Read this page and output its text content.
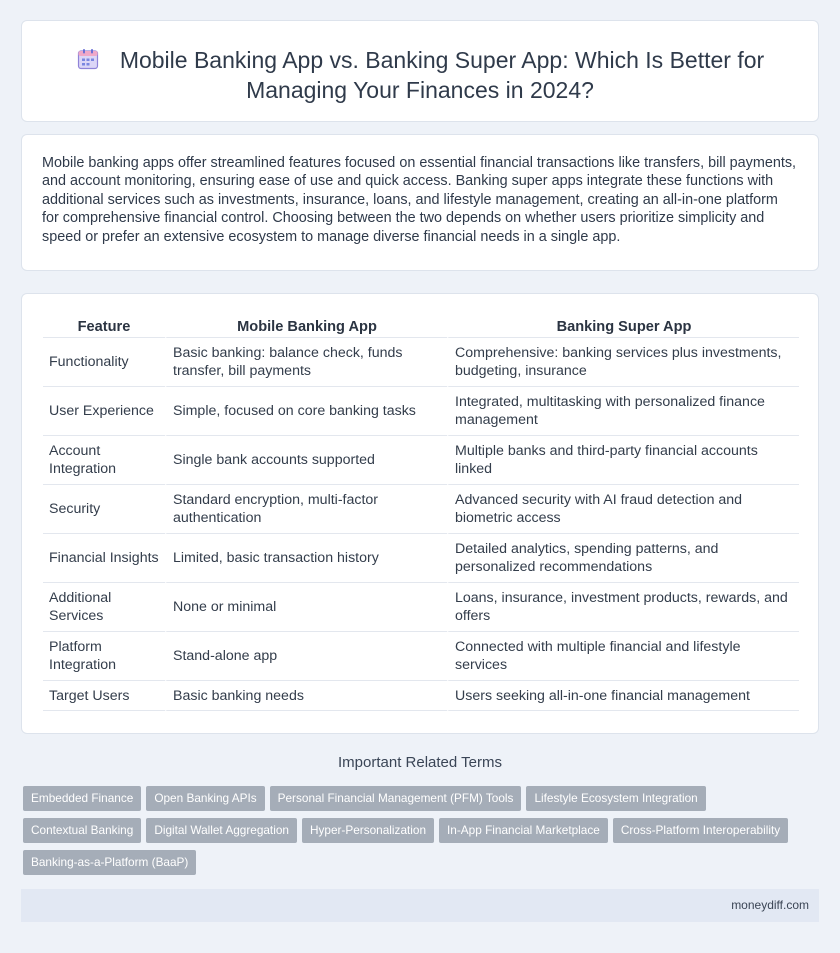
Mobile Banking App vs. Banking Super App: Which Is Better for Managing Your Finances in 2024?

Mobile banking apps offer streamlined features focused on essential financial transactions like transfers, bill payments, and account monitoring, ensuring ease of use and quick access. Banking super apps integrate these functions with additional services such as investments, insurance, loans, and lifestyle management, creating an all-in-one platform for comprehensive financial control. Choosing between the two depends on whether users prioritize simplicity and speed or prefer an extensive ecosystem to manage diverse financial needs in a single app.

Feature	Mobile Banking App	Banking Super App
Functionality	Basic banking: balance check, funds transfer, bill payments	Comprehensive: banking services plus investments, budgeting, insurance
User Experience	Simple, focused on core banking tasks	Integrated, multitasking with personalized finance management
Account Integration	Single bank accounts supported	Multiple banks and third-party financial accounts linked
Security	Standard encryption, multi-factor authentication	Advanced security with AI fraud detection and biometric access
Financial Insights	Limited, basic transaction history	Detailed analytics, spending patterns, and personalized recommendations
Additional Services	None or minimal	Loans, insurance, investment products, rewards, and offers
Platform Integration	Stand-alone app	Connected with multiple financial and lifestyle services
Target Users	Basic banking needs	Users seeking all-in-one financial management
Important Related Terms
Embedded Finance Open Banking APIs Personal Financial Management (PFM) Tools Lifestyle Ecosystem Integration
Contextual Banking Digital Wallet Aggregation Hyper-Personalization In-App Financial Marketplace Cross-Platform Interoperability
Banking-as-a-Platform (BaaP)
moneydiff.com
